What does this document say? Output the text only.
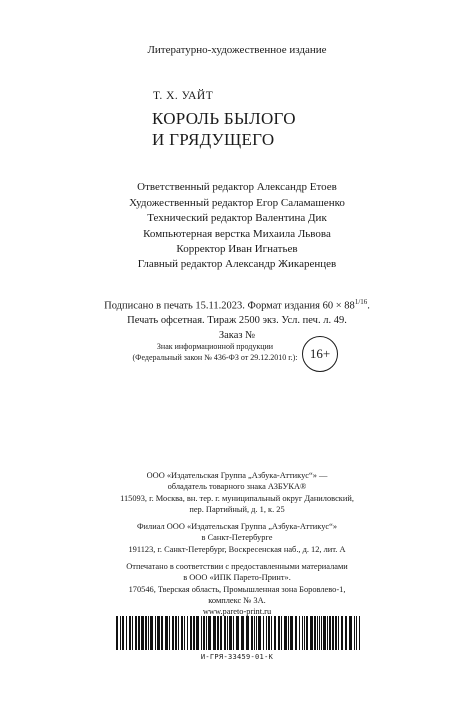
Литературно-художественное издание
Т. Х. УАЙТ
КОРОЛЬ БЫЛОГО
И ГРЯДУЩЕГО
Ответственный редактор Александр Етоев
Художественный редактор Егор Саламашенко
Технический редактор Валентина Дик
Компьютерная верстка Михаила Львова
Корректор Иван Игнатьев
Главный редактор Александр Жикаренцев
Подписано в печать 15.11.2023. Формат издания $60 \times 88^{1/16}$.
Печать офсетная. Тираж 2500 экз. Усл. печ. л. 49.
Заказ №
Знак информационной продукции
(Федеральный закон № 436-ФЗ от 29.12.2010 г.): 16+
ООО «Издательская Группа „Азбука-Аттикус“» —
обладатель товарного знака АЗБУКА®
115093, г. Москва, вн. тер. г. муниципальный округ Даниловский,
пер. Партийный, д. 1, к. 25
Филиал ООО «Издательская Группа „Азбука-Аттикус“»
в Санкт-Петербурге
191123, г. Санкт-Петербург, Воскресенская наб., д. 12, лит. А
Отпечатано в соответствии с предоставленными материалами
в ООО «ИПК Парето-Принт».
170546, Тверская область, Промышленная зона Боровлево-1,
комплекс № 3А.
www.pareto-print.ru
И-ГРЯ-33459-01-К
